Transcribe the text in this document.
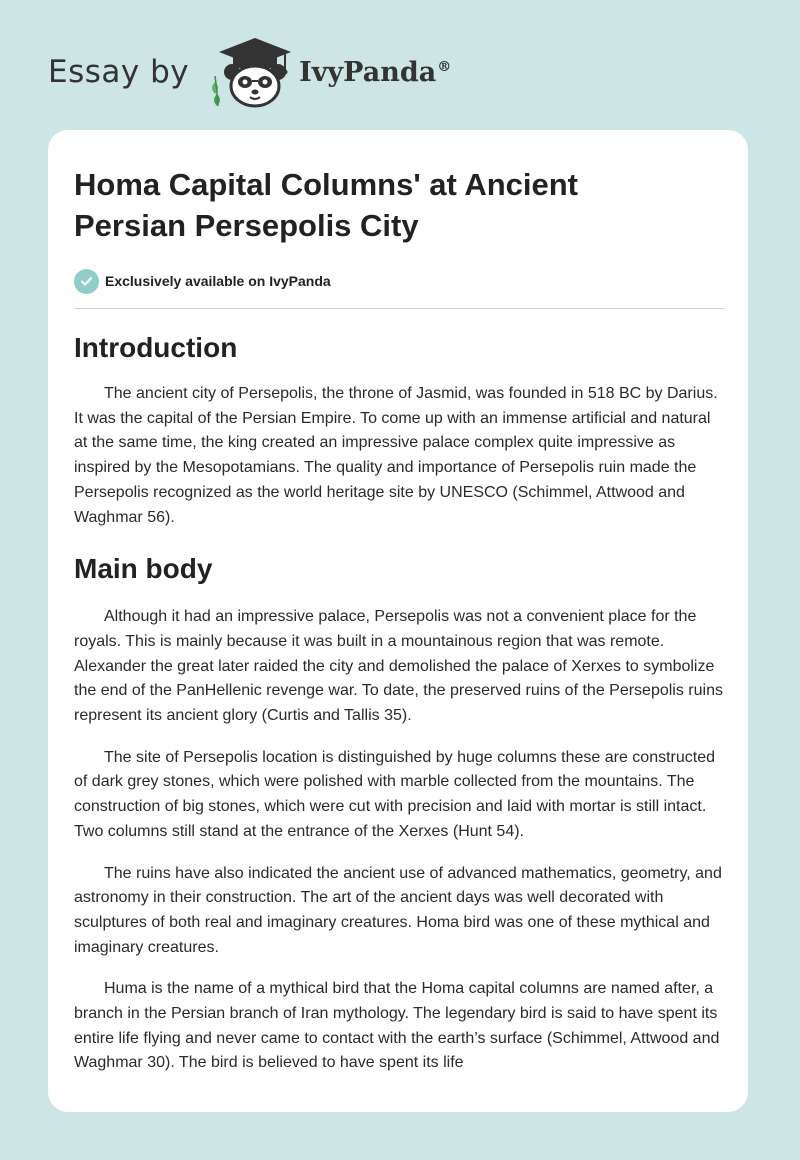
Essay by	IvyPanda®
Homa Capital Columns' at Ancient
Persian Persepolis City
Exclusively available on IvyPanda
Introduction

The ancient city of Persepolis, the throne of Jasmid, was founded in 518 BC by Darius. It was the capital of the Persian Empire. To come up with an immense artificial and natural at the same time, the king created an impressive palace complex quite impressive as inspired by the Mesopotamians. The quality and importance of Persepolis ruin made the Persepolis recognized as the world heritage site by UNESCO (Schimmel, Attwood and Waghmar 56).

Main body

Although it had an impressive palace, Persepolis was not a convenient place for the royals. This is mainly because it was built in a mountainous region that was remote. Alexander the great later raided the city and demolished the palace of Xerxes to symbolize the end of the PanHellenic revenge war. To date, the preserved ruins of the Persepolis ruins represent its ancient glory (Curtis and Tallis 35).

The site of Persepolis location is distinguished by huge columns these are constructed of dark grey stones, which were polished with marble collected from the mountains. The construction of big stones, which were cut with precision and laid with mortar is still intact. Two columns still stand at the entrance of the Xerxes (Hunt 54).

The ruins have also indicated the ancient use of advanced mathematics, geometry, and astronomy in their construction. The art of the ancient days was well decorated with sculptures of both real and imaginary creatures. Homa bird was one of these mythical and imaginary creatures.

Huma is the name of a mythical bird that the Homa capital columns are named after, a branch in the Persian branch of Iran mythology. The legendary bird is said to have spent its entire life flying and never came to contact with the earth’s surface (Schimmel, Attwood and Waghmar 30). The bird is believed to have spent its life
